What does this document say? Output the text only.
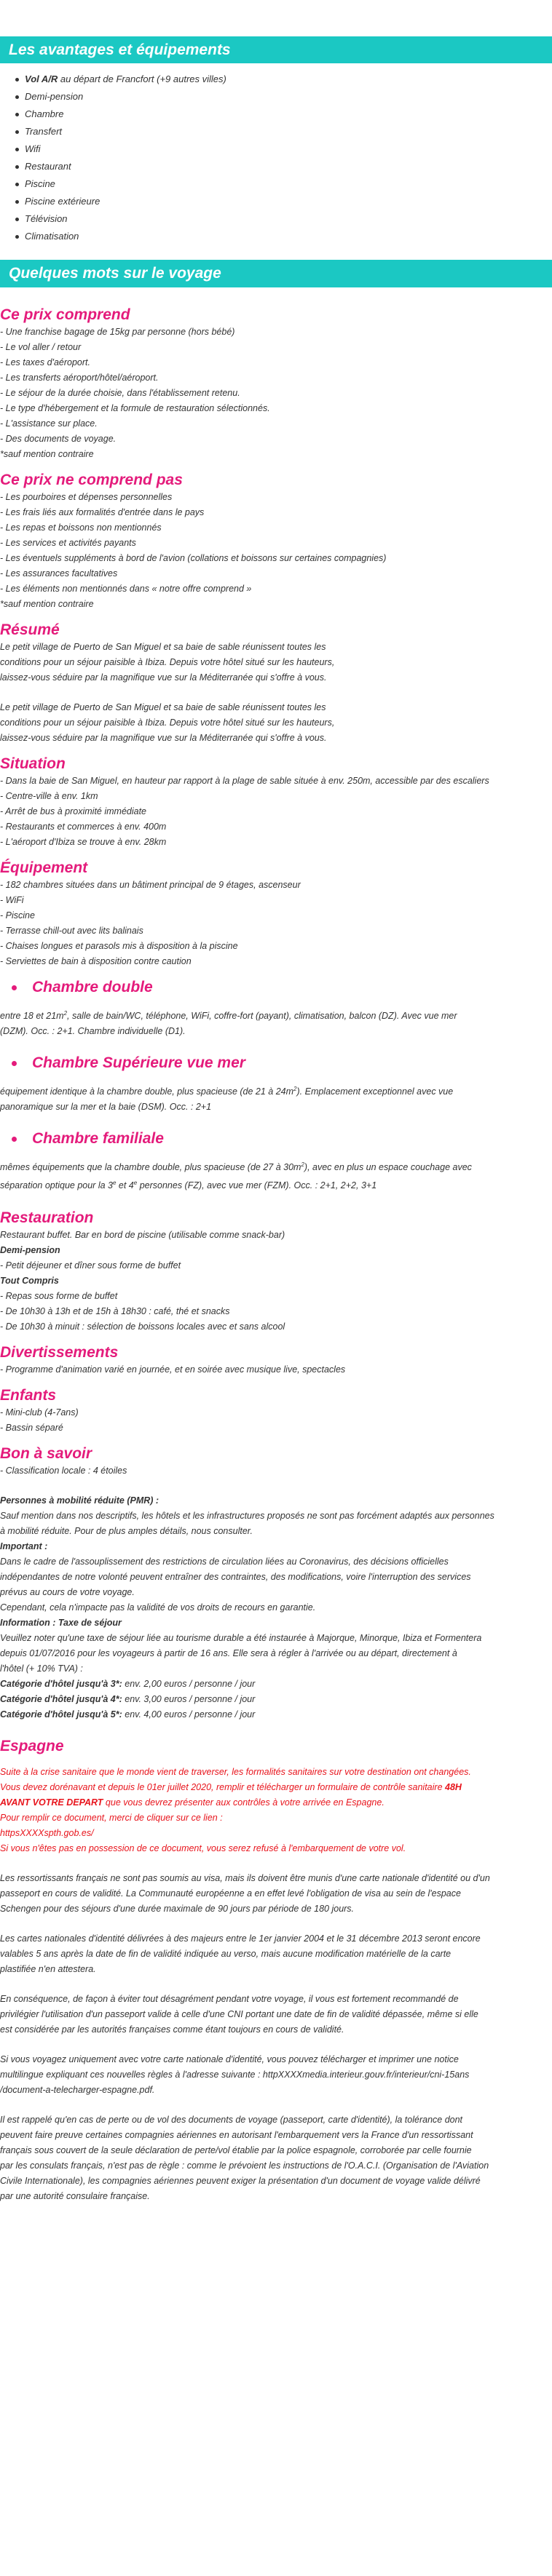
Les avantages et équipements
Vol A/R au départ de Francfort (+9 autres villes)
Demi-pension
Chambre
Transfert
Wifi
Restaurant
Piscine
Piscine extérieure
Télévision
Climatisation
Quelques mots sur le voyage
Ce prix comprend
- Une franchise bagage de 15kg par personne (hors bébé)
- Le vol aller / retour
- Les taxes d'aéroport.
- Les transferts aéroport/hôtel/aéroport.
- Le séjour de la durée choisie, dans l'établissement retenu.
- Le type d'hébergement et la formule de restauration sélectionnés.
- L'assistance sur place.
- Des documents de voyage.
*sauf mention contraire
Ce prix ne comprend pas
- Les pourboires et dépenses personnelles
- Les frais liés aux formalités d'entrée dans le pays
- Les repas et boissons non mentionnés
- Les services et activités payants
- Les éventuels suppléments à bord de l'avion (collations et boissons sur certaines compagnies)
- Les assurances facultatives
- Les éléments non mentionnés dans « notre offre comprend »
*sauf mention contraire
Résumé
Le petit village de Puerto de San Miguel et sa baie de sable réunissent toutes les
conditions pour un séjour paisible à Ibiza. Depuis votre hôtel situé sur les hauteurs,
laissez-vous séduire par la magnifique vue sur la Méditerranée qui s'offre à vous.
Le petit village de Puerto de San Miguel et sa baie de sable réunissent toutes les
conditions pour un séjour paisible à Ibiza. Depuis votre hôtel situé sur les hauteurs,
laissez-vous séduire par la magnifique vue sur la Méditerranée qui s'offre à vous.
Situation
- Dans la baie de San Miguel, en hauteur par rapport à la plage de sable située à env. 250m, accessible par des escaliers
- Centre-ville à env. 1km
- Arrêt de bus à proximité immédiate
- Restaurants et commerces à env. 400m
- L'aéroport d'Ibiza se trouve à env. 28km
Équipement
- 182 chambres situées dans un bâtiment principal de 9 étages, ascenseur
- WiFi
- Piscine
- Terrasse chill-out avec lits balinais
- Chaises longues et parasols mis à disposition à la piscine
- Serviettes de bain à disposition contre caution
Chambre double
entre 18 et $21m^2$, salle de bain/WC, téléphone, WiFi, coffre-fort (payant), climatisation, balcon (DZ). Avec vue mer
(DZM). Occ. : 2+1. Chambre individuelle (D1).
Chambre Supérieure vue mer
équipement identique à la chambre double, plus spacieuse (de 21 à $24m^2$). Emplacement exceptionnel avec vue
panoramique sur la mer et la baie (DSM). Occ. : 2+1
Chambre familiale
mêmes équipements que la chambre double, plus spacieuse (de 27 à $30m^2$), avec en plus un espace couchage avec
séparation optique pour la 3e et 4e personnes (FZ), avec vue mer (FZM). Occ. : 2+1, 2+2, 3+1
Restauration
Restaurant buffet. Bar en bord de piscine (utilisable comme snack-bar)
Demi-pension
- Petit déjeuner et dîner sous forme de buffet
Tout Compris
- Repas sous forme de buffet
- De 10h30 à 13h et de 15h à 18h30 : café, thé et snacks
- De 10h30 à minuit : sélection de boissons locales avec et sans alcool
Divertissements
- Programme d'animation varié en journée, et en soirée avec musique live, spectacles
Enfants
- Mini-club (4-7ans)
- Bassin séparé
Bon à savoir
- Classification locale : 4 étoiles
Personnes à mobilité réduite (PMR) :
Sauf mention dans nos descriptifs, les hôtels et les infrastructures proposés ne sont pas forcément adaptés aux personnes
à mobilité réduite. Pour de plus amples détails, nous consulter.
Important :
Dans le cadre de l'assouplissement des restrictions de circulation liées au Coronavirus, des décisions officielles
indépendantes de notre volonté peuvent entraîner des contraintes, des modifications, voire l'interruption des services
prévus au cours de votre voyage.
Cependant, cela n'impacte pas la validité de vos droits de recours en garantie.
Information : Taxe de séjour
Veuillez noter qu'une taxe de séjour liée au tourisme durable a été instaurée à Majorque, Minorque, Ibiza et Formentera
depuis 01/07/2016 pour les voyageurs à partir de 16 ans. Elle sera à régler à l'arrivée ou au départ, directement à
l'hôtel (+ 10% TVA) :
Catégorie d'hôtel jusqu'à 3*: env. 2,00 euros / personne / jour
Catégorie d'hôtel jusqu'à 4*: env. 3,00 euros / personne / jour
Catégorie d'hôtel jusqu'à 5*: env. 4,00 euros / personne / jour
Espagne
Suite à la crise sanitaire que le monde vient de traverser, les formalités sanitaires sur votre destination ont changées.
Vous devez dorénavant et depuis le 01er juillet 2020, remplir et télécharger un formulaire de contrôle sanitaire 48H
AVANT VOTRE DEPART que vous devrez présenter aux contrôles à votre arrivée en Espagne.
Pour remplir ce document, merci de cliquer sur ce lien :
httpsXXXXspth.gob.es/
Si vous n'êtes pas en possession de ce document, vous serez refusé à l'embarquement de votre vol.
Les ressortissants français ne sont pas soumis au visa, mais ils doivent être munis d'une carte nationale d'identité ou d'un
passeport en cours de validité. La Communauté européenne a en effet levé l'obligation de visa au sein de l'espace
Schengen pour des séjours d'une durée maximale de 90 jours par période de 180 jours.
Les cartes nationales d'identité délivrées à des majeurs entre le 1er janvier 2004 et le 31 décembre 2013 seront encore
valables 5 ans après la date de fin de validité indiquée au verso, mais aucune modification matérielle de la carte
plastifiée n'en attestera.
En conséquence, de façon à éviter tout désagrément pendant votre voyage, il vous est fortement recommandé de
privilégier l'utilisation d'un passeport valide à celle d'une CNI portant une date de fin de validité dépassée, même si elle
est considérée par les autorités françaises comme étant toujours en cours de validité.
Si vous voyagez uniquement avec votre carte nationale d'identité, vous pouvez télécharger et imprimer une notice
multilingue expliquant ces nouvelles règles à l'adresse suivante : httpXXXXmedia.interieur.gouv.fr/interieur/cni-15ans
/document-a-telecharger-espagne.pdf.
Il est rappelé qu'en cas de perte ou de vol des documents de voyage (passeport, carte d'identité), la tolérance dont
peuvent faire preuve certaines compagnies aériennes en autorisant l'embarquement vers la France d'un ressortissant
français sous couvert de la seule déclaration de perte/vol établie par la police espagnole, corroborée par celle fournie
par les consulats français, n'est pas de règle : comme le prévoient les instructions de l'O.A.C.I. (Organisation de l'Aviation
Civile Internationale), les compagnies aériennes peuvent exiger la présentation d'un document de voyage valide délivré
par une autorité consulaire française.
